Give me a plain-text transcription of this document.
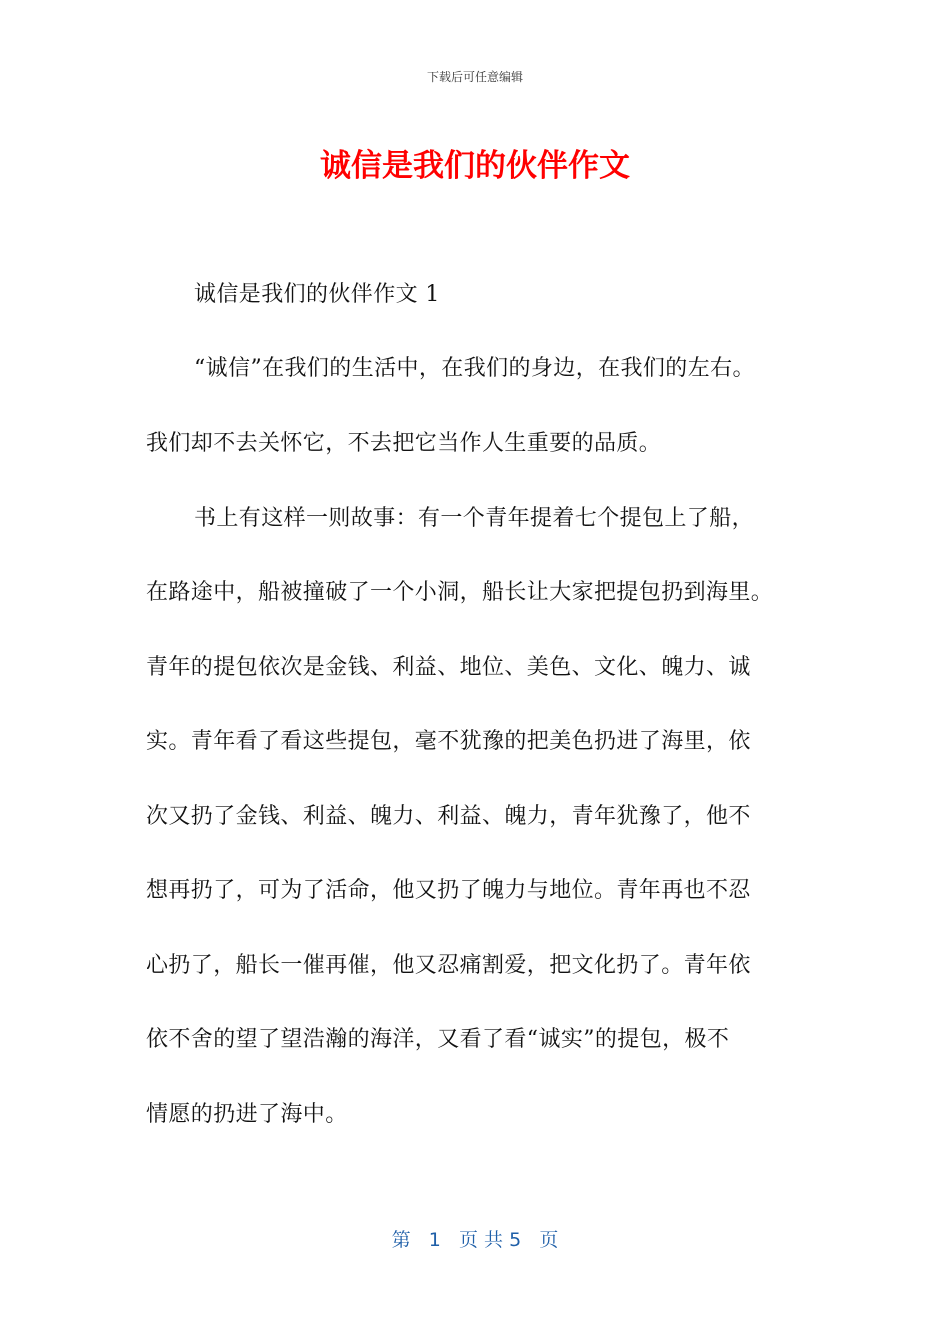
下载后可任意编辑
诚信是我们的伙伴作文
诚信是我们的伙伴作文 1
“诚信”在我们的生活中，在我们的身边，在我们的左右。
我们却不去关怀它，不去把它当作人生重要的品质。
书上有这样一则故事：有一个青年提着七个提包上了船，
在路途中，船被撞破了一个小洞，船长让大家把提包扔到海里。
青年的提包依次是金钱、利益、地位、美色、文化、魄力、诚
实。青年看了看这些提包，毫不犹豫的把美色扔进了海里，依
次又扔了金钱、利益、魄力、利益、魄力，青年犹豫了，他不
想再扔了，可为了活命，他又扔了魄力与地位。青年再也不忍
心扔了，船长一催再催，他又忍痛割爱，把文化扔了。青年依
依不舍的望了望浩瀚的海洋，又看了看“诚实”的提包，极不
情愿的扔进了海中。
第 1 页 共 5 页
